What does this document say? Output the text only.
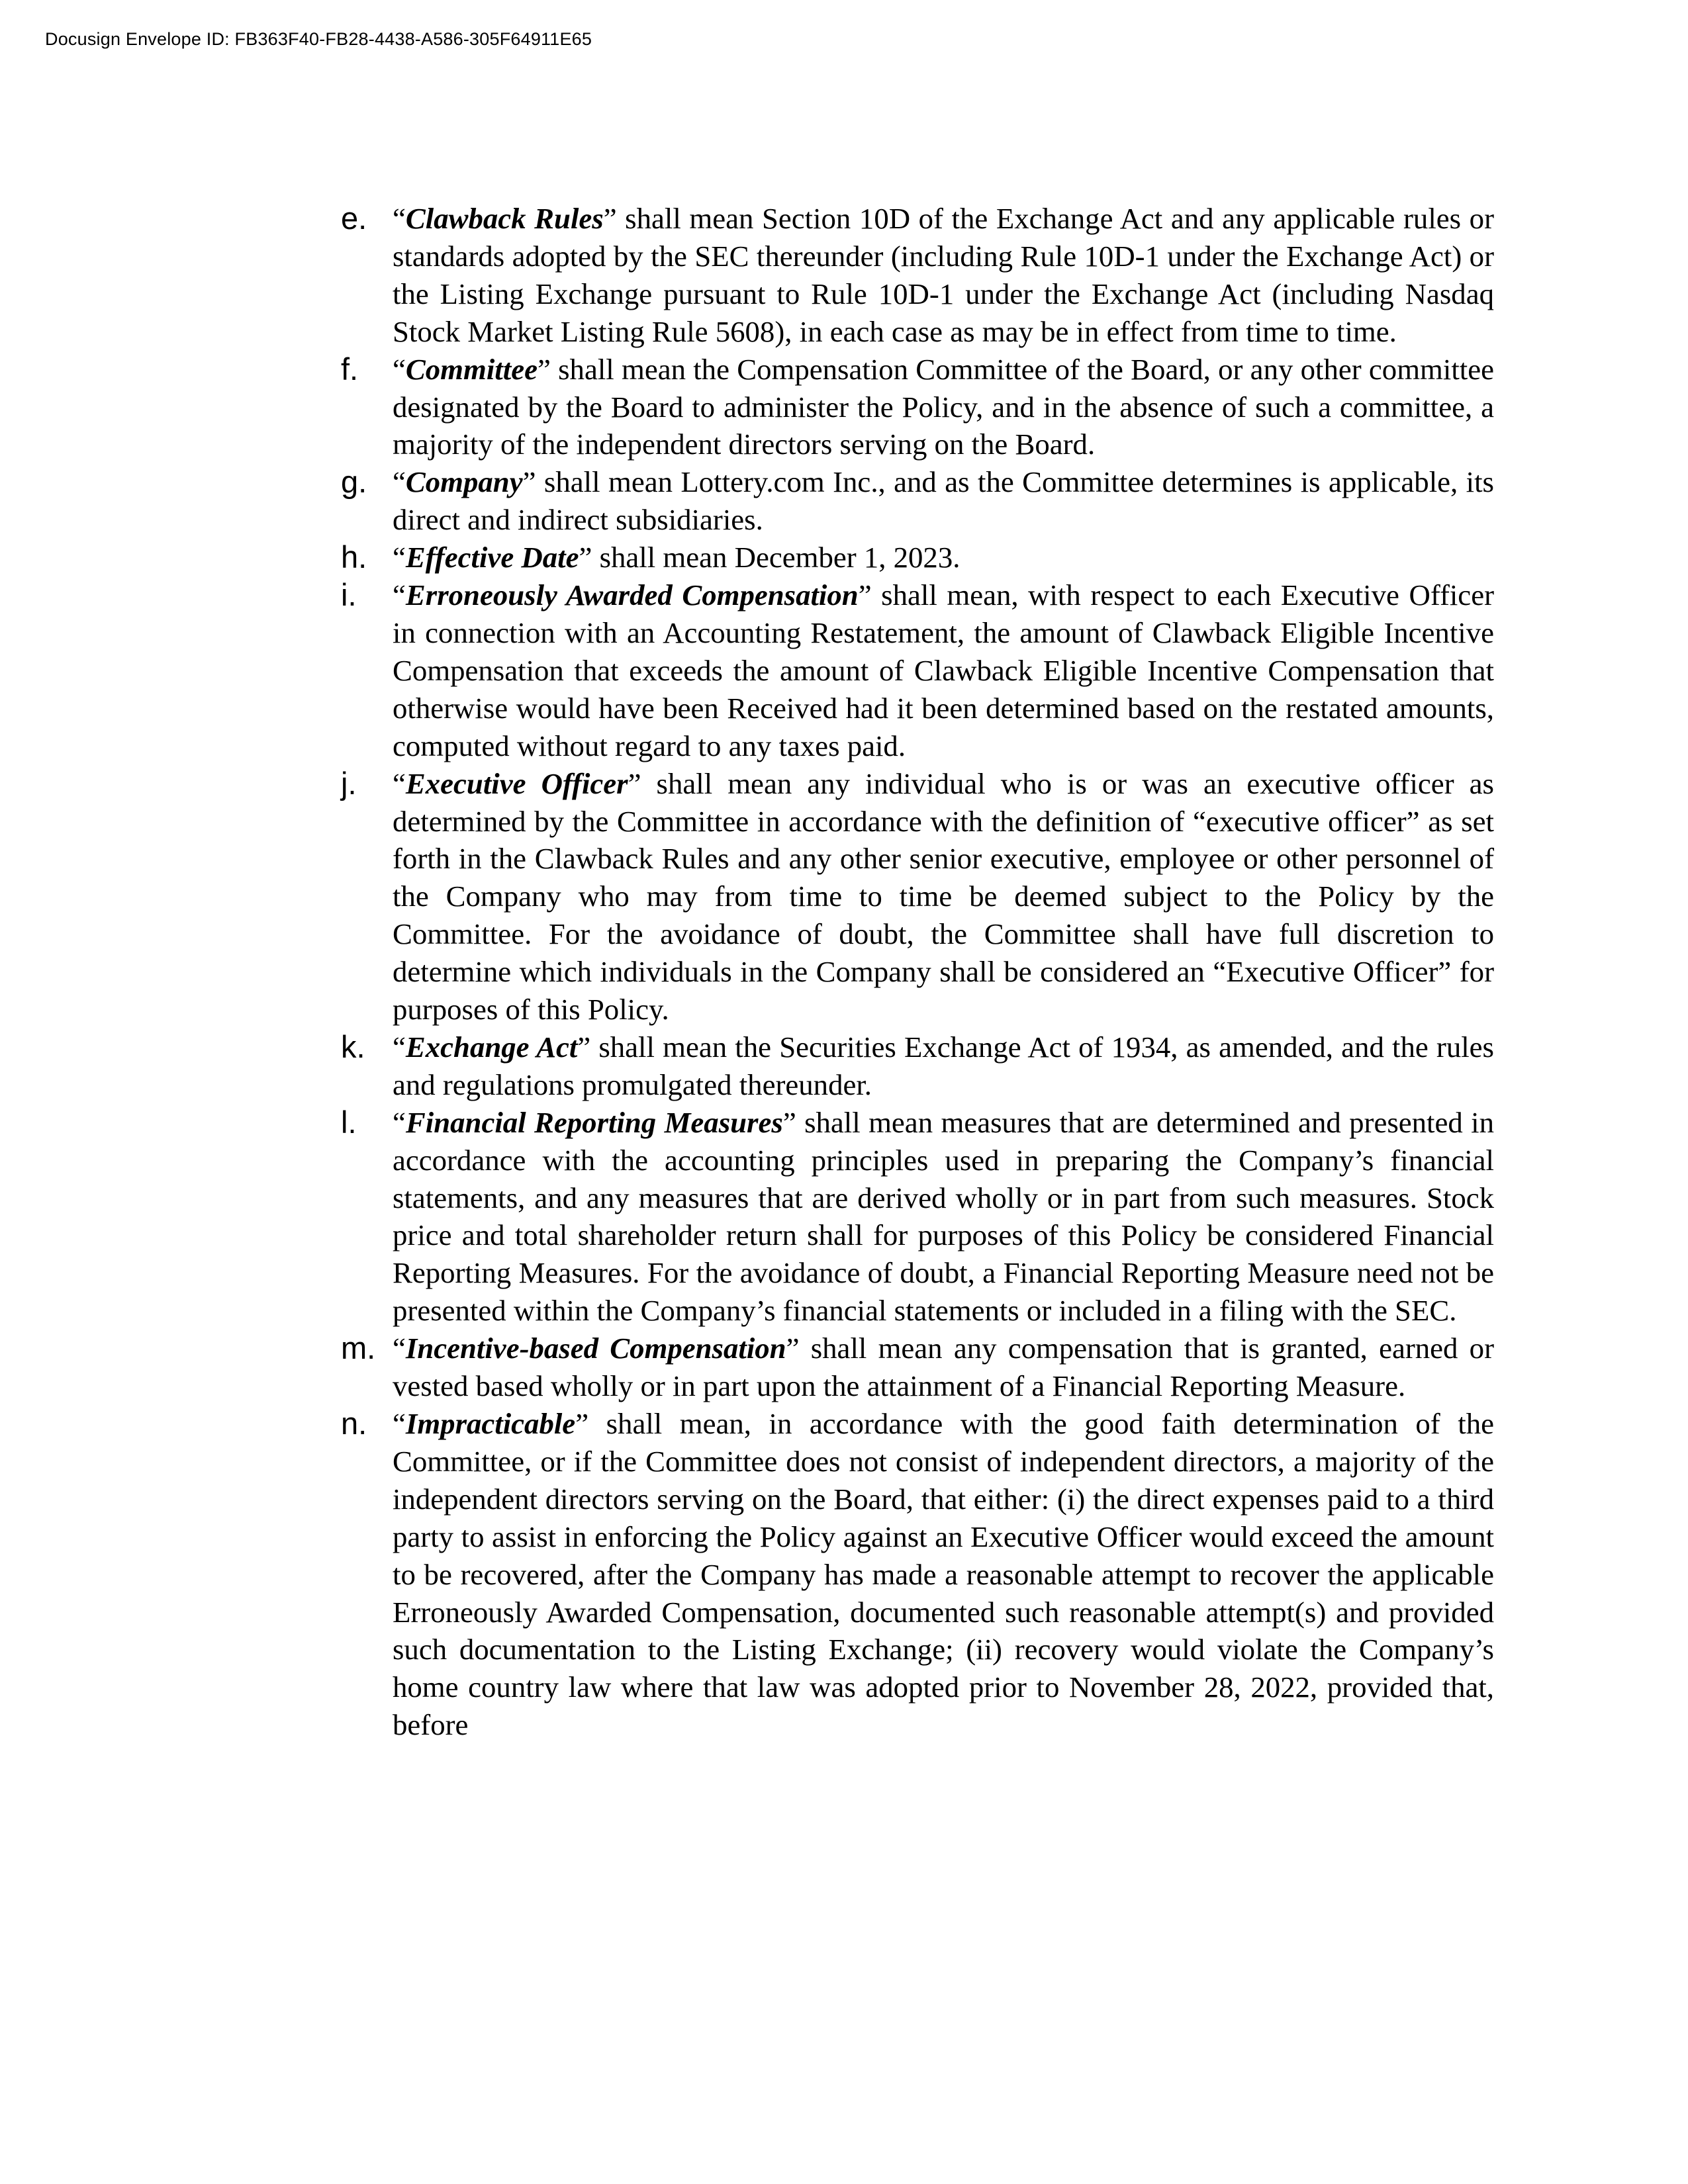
Docusign Envelope ID: FB363F40-FB28-4438-A586-305F64911E65
e. “Clawback Rules” shall mean Section 10D of the Exchange Act and any applicable rules or standards adopted by the SEC thereunder (including Rule 10D-1 under the Exchange Act) or the Listing Exchange pursuant to Rule 10D-1 under the Exchange Act (including Nasdaq Stock Market Listing Rule 5608), in each case as may be in effect from time to time.
f. “Committee” shall mean the Compensation Committee of the Board, or any other committee designated by the Board to administer the Policy, and in the absence of such a committee, a majority of the independent directors serving on the Board.
g. “Company” shall mean Lottery.com Inc., and as the Committee determines is applicable, its direct and indirect subsidiaries.
h. “Effective Date” shall mean December 1, 2023.
i. “Erroneously Awarded Compensation” shall mean, with respect to each Executive Officer in connection with an Accounting Restatement, the amount of Clawback Eligible Incentive Compensation that exceeds the amount of Clawback Eligible Incentive Compensation that otherwise would have been Received had it been determined based on the restated amounts, computed without regard to any taxes paid.
j. “Executive Officer” shall mean any individual who is or was an executive officer as determined by the Committee in accordance with the definition of “executive officer” as set forth in the Clawback Rules and any other senior executive, employee or other personnel of the Company who may from time to time be deemed subject to the Policy by the Committee. For the avoidance of doubt, the Committee shall have full discretion to determine which individuals in the Company shall be considered an “Executive Officer” for purposes of this Policy.
k. “Exchange Act” shall mean the Securities Exchange Act of 1934, as amended, and the rules and regulations promulgated thereunder.
l. “Financial Reporting Measures” shall mean measures that are determined and presented in accordance with the accounting principles used in preparing the Company’s financial statements, and any measures that are derived wholly or in part from such measures. Stock price and total shareholder return shall for purposes of this Policy be considered Financial Reporting Measures. For the avoidance of doubt, a Financial Reporting Measure need not be presented within the Company’s financial statements or included in a filing with the SEC.
m. “Incentive-based Compensation” shall mean any compensation that is granted, earned or vested based wholly or in part upon the attainment of a Financial Reporting Measure.
n. “Impracticable” shall mean, in accordance with the good faith determination of the Committee, or if the Committee does not consist of independent directors, a majority of the independent directors serving on the Board, that either: (i) the direct expenses paid to a third party to assist in enforcing the Policy against an Executive Officer would exceed the amount to be recovered, after the Company has made a reasonable attempt to recover the applicable Erroneously Awarded Compensation, documented such reasonable attempt(s) and provided such documentation to the Listing Exchange; (ii) recovery would violate the Company’s home country law where that law was adopted prior to November 28, 2022, provided that, before
